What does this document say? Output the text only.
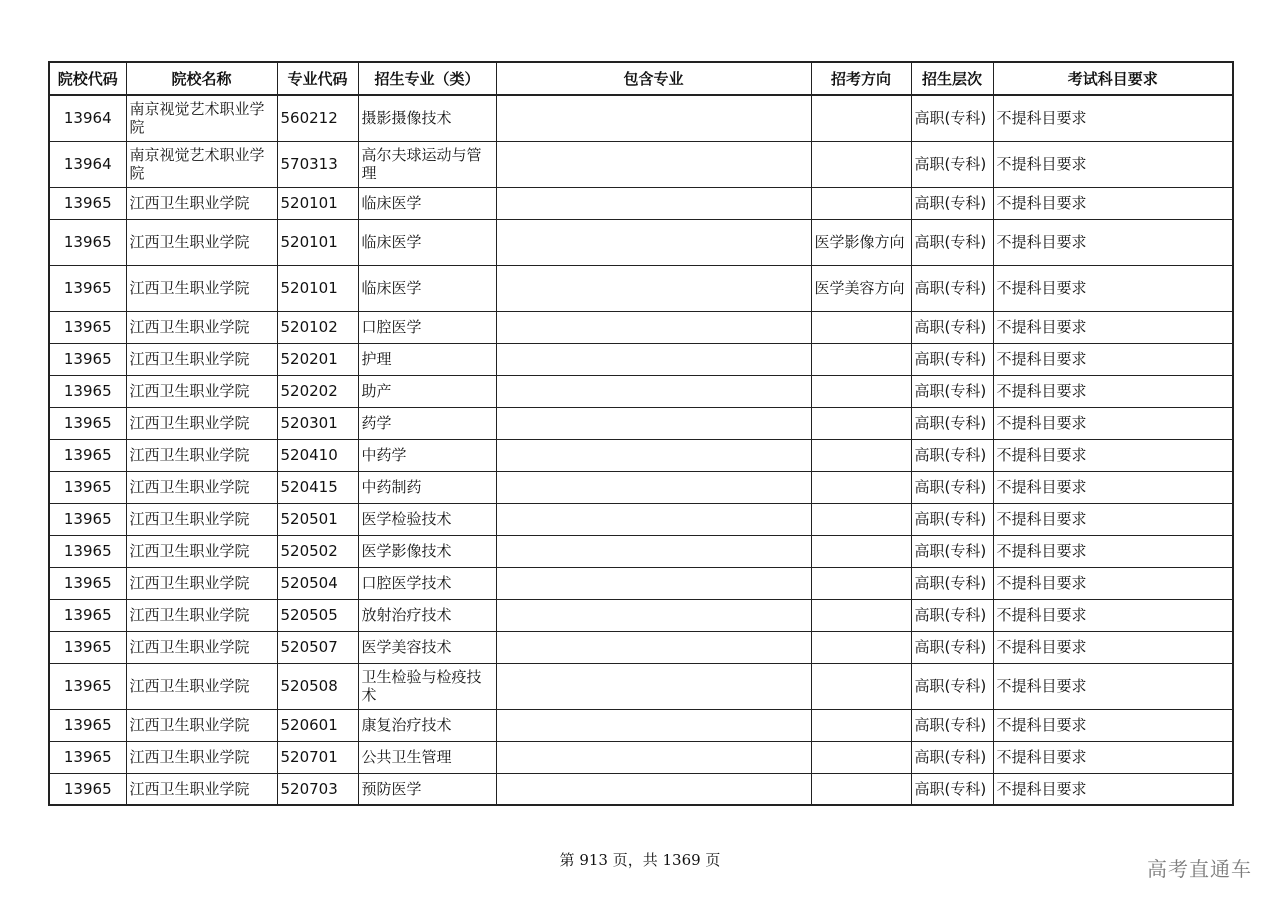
院校代码	院校名称	专业代码	招生专业（类）	包含专业	招考方向	招生层次	考试科目要求
13964	南京视觉艺术职业学院	560212	摄影摄像技术			高职(专科)	不提科目要求
13964	南京视觉艺术职业学院	570313	高尔夫球运动与管理			高职(专科)	不提科目要求
13965	江西卫生职业学院	520101	临床医学			高职(专科)	不提科目要求
13965	江西卫生职业学院	520101	临床医学		医学影像方向	高职(专科)	不提科目要求
13965	江西卫生职业学院	520101	临床医学		医学美容方向	高职(专科)	不提科目要求
13965	江西卫生职业学院	520102	口腔医学			高职(专科)	不提科目要求
13965	江西卫生职业学院	520201	护理			高职(专科)	不提科目要求
13965	江西卫生职业学院	520202	助产			高职(专科)	不提科目要求
13965	江西卫生职业学院	520301	药学			高职(专科)	不提科目要求
13965	江西卫生职业学院	520410	中药学			高职(专科)	不提科目要求
13965	江西卫生职业学院	520415	中药制药			高职(专科)	不提科目要求
13965	江西卫生职业学院	520501	医学检验技术			高职(专科)	不提科目要求
13965	江西卫生职业学院	520502	医学影像技术			高职(专科)	不提科目要求
13965	江西卫生职业学院	520504	口腔医学技术			高职(专科)	不提科目要求
13965	江西卫生职业学院	520505	放射治疗技术			高职(专科)	不提科目要求
13965	江西卫生职业学院	520507	医学美容技术			高职(专科)	不提科目要求
13965	江西卫生职业学院	520508	卫生检验与检疫技术			高职(专科)	不提科目要求
13965	江西卫生职业学院	520601	康复治疗技术			高职(专科)	不提科目要求
13965	江西卫生职业学院	520701	公共卫生管理			高职(专科)	不提科目要求
13965	江西卫生职业学院	520703	预防医学			高职(专科)	不提科目要求
第 913 页，共 1369 页	高考直通车
